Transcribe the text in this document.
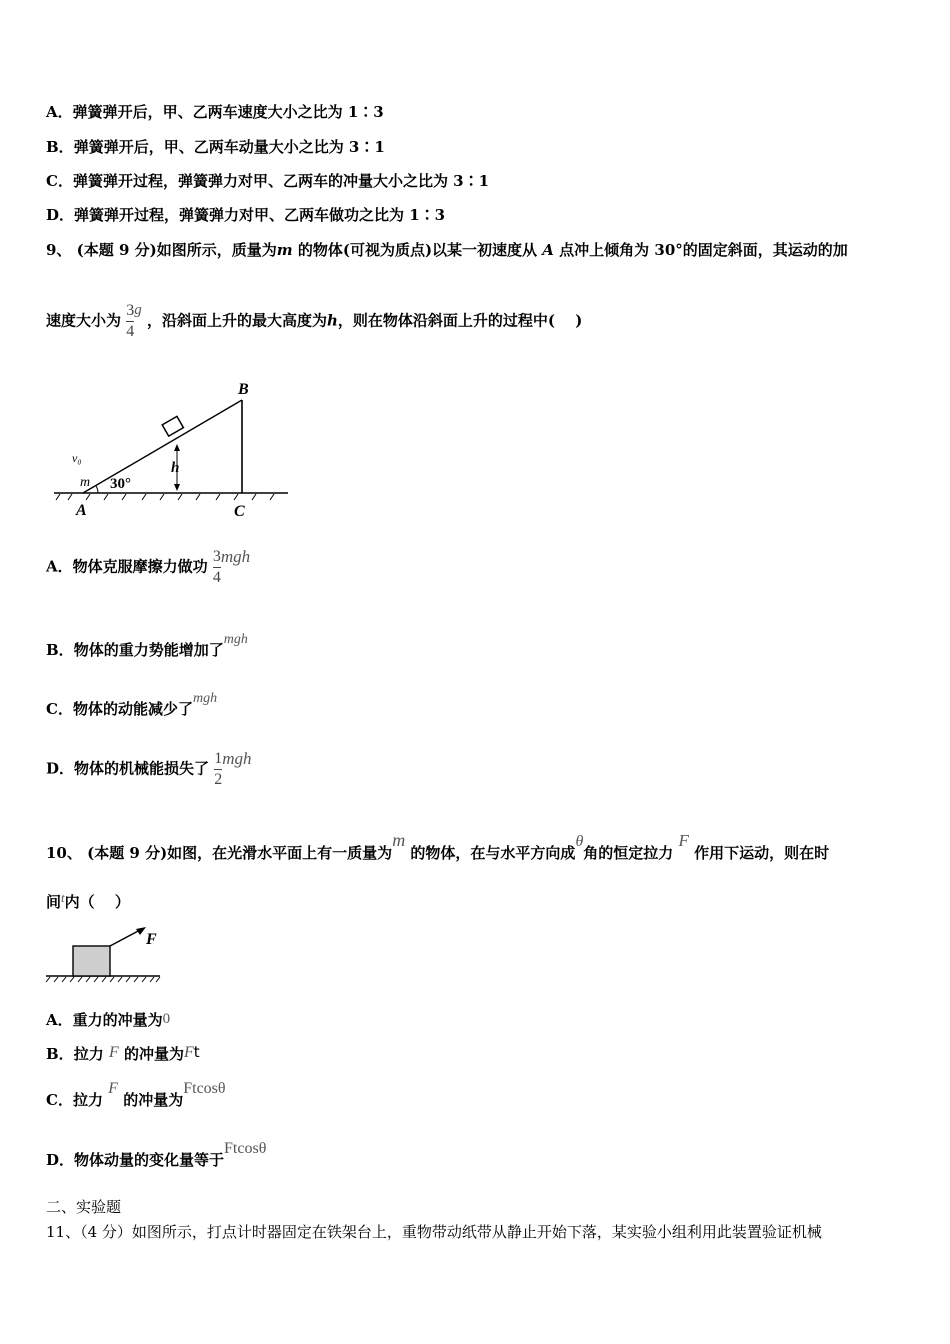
A．弹簧弹开后，甲、乙两车速度大小之比为 1∶3
B．弹簧弹开后，甲、乙两车动量大小之比为 3∶1
C．弹簧弹开过程，弹簧弹力对甲、乙两车的冲量大小之比为 3∶1
D．弹簧弹开过程，弹簧弹力对甲、乙两车做功之比为 1∶3
9、 (本题 9 分)如图所示，质量为m 的物体(可视为质点)以某一初速度从 A 点冲上倾角为 30°的固定斜面，其运动的加
速度大小为 $\frac{3}{4}$ g ，沿斜面上升的最大高度为h，则在物体沿斜面上升的过程中(　 )
h
B
A	C
30°
v₀
m
A．物体克服摩擦力做功 $\frac{3}{4}$ mgh
B．物体的重力势能增加了mgh
C．物体的动能减少了mgh
D．物体的机械能损失了 $\frac{1}{2}$ mgh
10、 (本题 9 分)如图，在光滑水平面上有一质量为m 的物体，在与水平方向成θ角的恒定拉力 F 作用下运动，则在时
间t内（　 ）
F
A．重力的冲量为0
B．拉力 F 的冲量为Ft
C．拉力 F 的冲量为Ftcosθ
D．物体动量的变化量等于Ftcosθ
二、实验题
11、（4 分）如图所示，打点计时器固定在铁架台上，重物带动纸带从静止开始下落，某实验小组利用此装置验证机械
